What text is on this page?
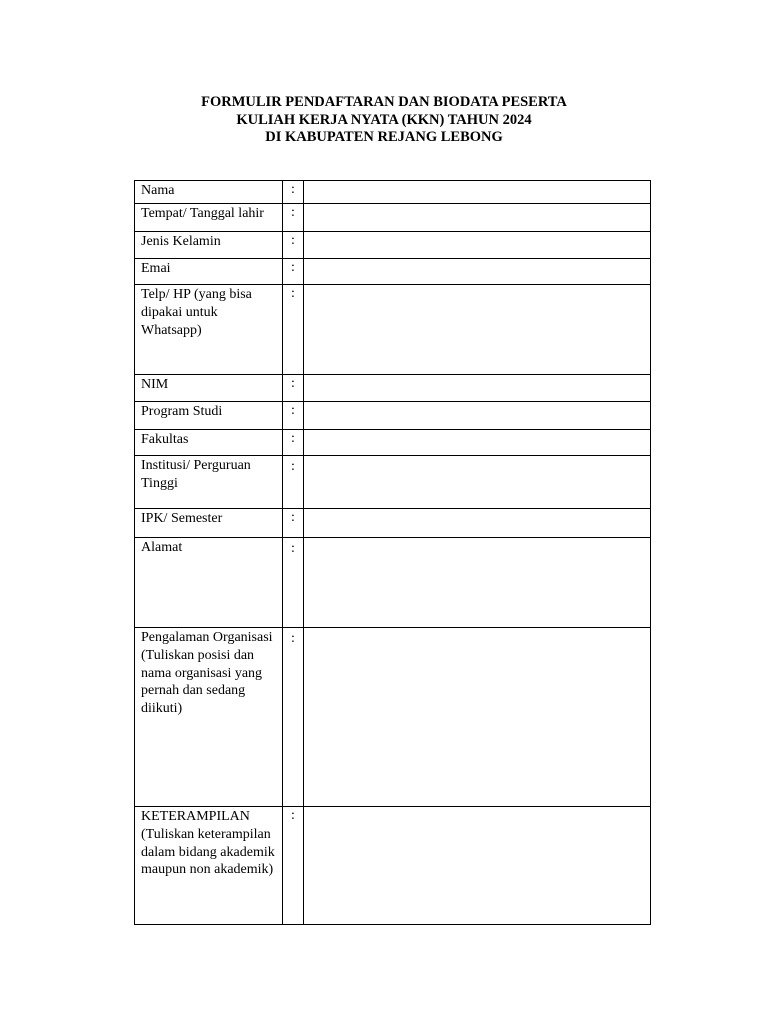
FORMULIR PENDAFTARAN DAN BIODATA PESERTA
KULIAH KERJA NYATA (KKN) TAHUN 2024
DI KABUPATEN REJANG LEBONG
Nama	:	

Tempat/ Tanggal lahir	:	

Jenis Kelamin	:	

Emai	:	

Telp/ HP (yang bisa dipakai untuk Whatsapp)	:	

NIM	:	

Program Studi	:	

Fakultas	:	

Institusi/ Perguruan Tinggi	:	

IPK/ Semester	:	

Alamat	:	

Pengalaman Organisasi (Tuliskan posisi dan nama organisasi yang pernah dan sedang diikuti)	:	

KETERAMPILAN (Tuliskan keterampilan dalam bidang akademik maupun non akademik)	:	
